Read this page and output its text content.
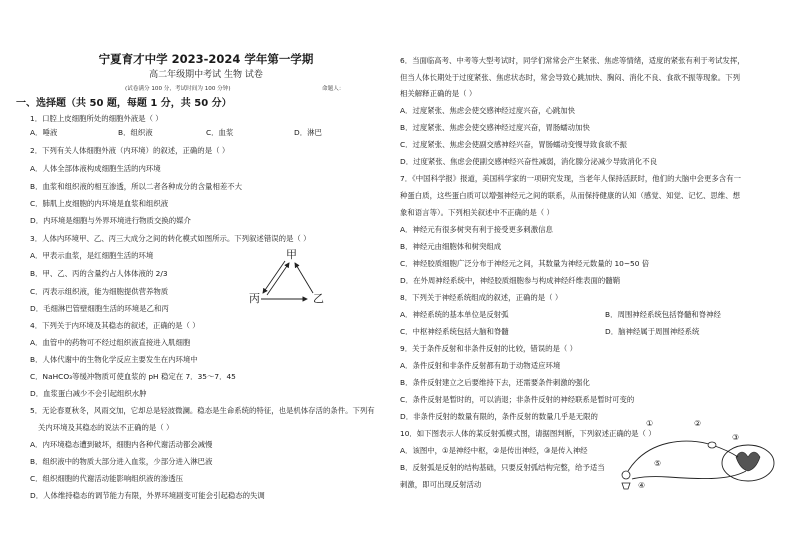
宁夏育才中学 2023-2024 学年第一学期
高二年级期中考试 生物 试卷
(试卷满分 100 分，考试时间为 100 分钟)	命题人：
一、选择题（共 50 题，每题 1 分，共 50 分）
1．口腔上皮细胞所处的细胞外液是（ ）
A．唾液	B．组织液	C．血浆	D．淋巴
2．下列有关人体细胞外液（内环境）的叙述，正确的是（ ）
A．人体全部体液构成细胞生活的内环境
B．血浆和组织液的相互渗透，所以二者各种成分的含量相差不大
C．肺肌上皮细胞的内环境是血浆和组织液
D．内环境是细胞与外界环境进行物质交换的媒介
3．人体内环境甲、乙、丙三大成分之间的转化模式如图所示。下列叙述错误的是（ ）
A．甲表示血浆，是红细胞生活的环境
B．甲、乙、丙的含量约占人体体液的 2/3
C．丙表示组织液，能为细胞提供营养物质
D．毛细淋巴管壁细胞生活的环境是乙和丙
4．下列关于内环境及其稳态的叙述，正确的是（ ）
A．血管中的药物可不经过组织液直接进入肌细胞
B．人体代谢中的生物化学反应主要发生在内环境中
C．NaHCO₃等缓冲物质可使血浆的 pH 稳定在 7．35～7．45
D．血浆蛋白减少不会引起组织水肿
5．无论春夏秋冬，风雨交加，它却总是轻波微澜。稳态是生命系统的特征，也是机体存活的条件。下列有
关内环境及其稳态的说法不正确的是（ ）
A．内环境稳态遭到破坏，细胞内各种代谢活动都会减慢
B．组织液中的物质大部分进入血浆，少部分进入淋巴液
C．组织细胞的代谢活动能影响组织液的渗透压
D．人体维持稳态的调节能力有限，外界环境剧变可能会引起稳态的失调
甲
丙	乙
6．当面临高考、中考等大型考试时，同学们常常会产生紧张、焦虑等情绪，适度的紧张有利于考试发挥，
但当人体长期处于过度紧张、焦虑状态时，常会导致心跳加快、胸闷、消化不良、食欲不振等现象。下列
相关解释正确的是（ ）
A．过度紧张、焦虑会使交感神经过度兴奋，心跳加快
B．过度紧张、焦虑会使交感神经过度兴奋，胃肠蠕动加快
C．过度紧张、焦虑会使副交感神经兴奋，胃肠蠕动变慢导致食欲不振
D．过度紧张、焦虑会使副交感神经兴奋性减弱，消化腺分泌减少导致消化不良
7．《中国科学报》报道，美国科学家的一项研究发现，当老年人保持活跃时，他们的大脑中会更多含有一
种蛋白质，这些蛋白质可以增强神经元之间的联系，从而保持健康的认知（感觉、知觉、记忆、思维、想
象和语言等）。下列相关叙述中不正确的是（ ）
A．神经元有很多树突有利于接受更多刺激信息
B．神经元由细胞体和树突组成
C．神经胶质细胞广泛分布于神经元之间，其数量为神经元数量的 10~50 倍
D．在外周神经系统中，神经胶质细胞参与构成神经纤维表面的髓鞘
8．下列关于神经系统组成的叙述，正确的是（ ）
A．神经系统的基本单位是反射弧	B．周围神经系统包括脊髓和脊神经
C．中枢神经系统包括大脑和脊髓	D．脑神经属于周围神经系统
9．关于条件反射和非条件反射的比较，错误的是（ ）
A．条件反射和非条件反射都有助于动物适应环境
B．条件反射建立之后要维持下去，还需要条件刺激的强化
C．条件反射是暂时的，可以消退；非条件反射的神经联系是暂时可变的
D．非条件反射的数量有限的，条件反射的数量几乎是无限的
10．如下图表示人体的某反射弧模式图，请据图判断，下列叙述正确的是（ ）
A．该图中，①是神经中枢，②是传出神经，③是传入神经
B．反射弧是反射的结构基础，只要反射弧结构完整，给予适当
刺激，即可出现反射活动
①	②
③
④
⑤
